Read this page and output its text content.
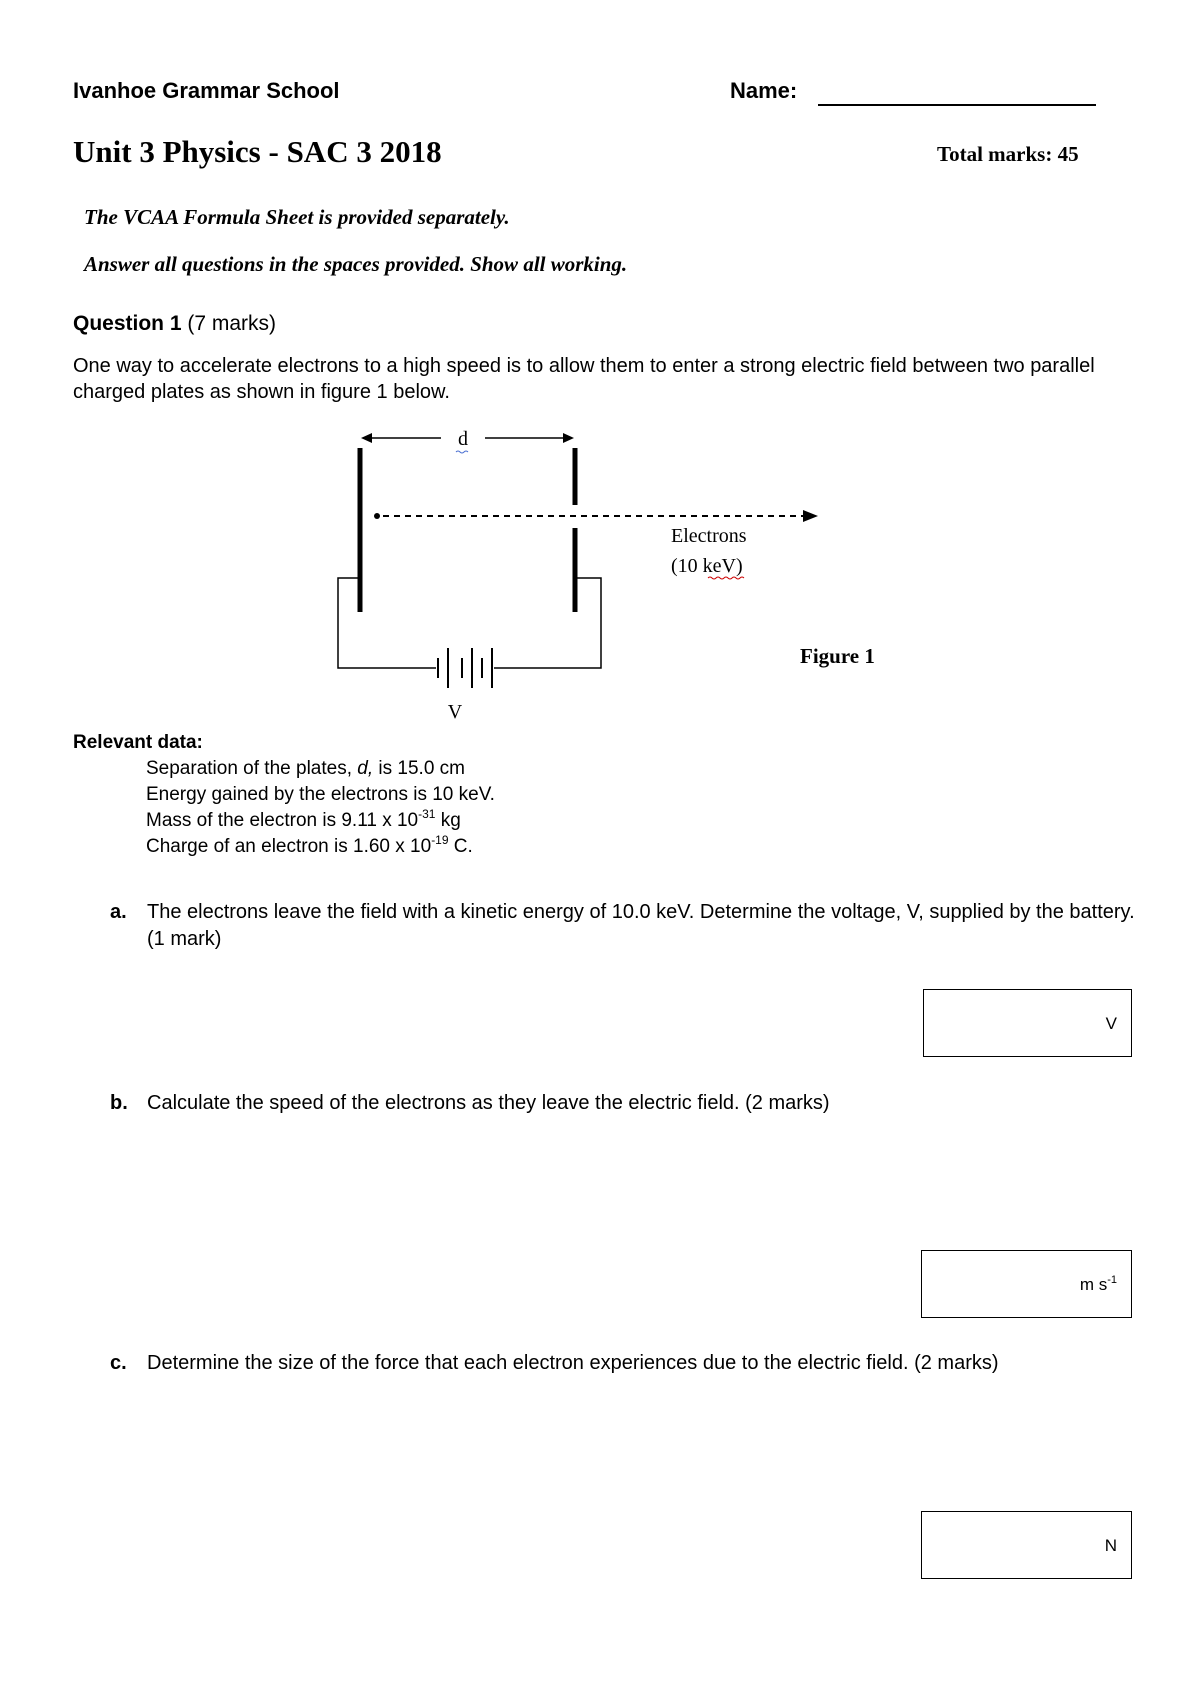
Ivanhoe Grammar School	Name:
Unit 3 Physics - SAC 3 2018	Total marks: 45
The VCAA Formula Sheet is provided separately.
Answer all questions in the spaces provided. Show all working.
Question 1 (7 marks)
One way to accelerate electrons to a high speed is to allow them to enter a strong electric field between two parallel charged plates as shown in figure 1 below.
d
Electrons
(10 keV)
V
Figure 1
Relevant data:
Separation of the plates, d, is 15.0 cm
Energy gained by the electrons is 10 keV.
Mass of the electron is 9.11 x $10^{-31}$ kg
Charge of an electron is 1.60 x $10^{-19}$ C.
a. The electrons leave the field with a kinetic energy of 10.0 keV. Determine the voltage, V, supplied by the battery. (1 mark)
V
b. Calculate the speed of the electrons as they leave the electric field. (2 marks)
m $s^{-1}$
c. Determine the size of the force that each electron experiences due to the electric field. (2 marks)
N
